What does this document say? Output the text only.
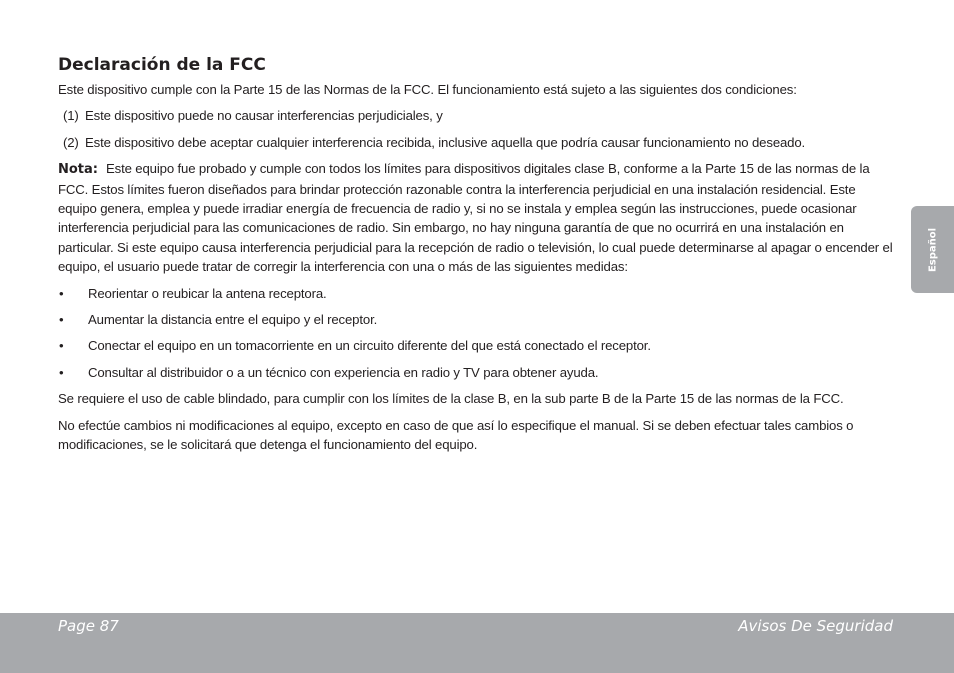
Declaración de la FCC

Este dispositivo cumple con la Parte 15 de las Normas de la FCC. El funcionamiento está sujeto a las siguientes dos condiciones:

(1) Este dispositivo puede no causar interferencias perjudiciales, y
(2) Este dispositivo debe aceptar cualquier interferencia recibida, inclusive aquella que podría causar funcionamiento no deseado.

Nota: Este equipo fue probado y cumple con todos los límites para dispositivos digitales clase B, conforme a la Parte 15 de las normas de la FCC. Estos límites fueron diseñados para brindar protección razonable contra la interferencia perjudicial en una instalación residencial. Este equipo genera, emplea y puede irradiar energía de frecuencia de radio y, si no se instala y emplea según las instrucciones, puede ocasionar interferencia perjudicial para las comunicaciones de radio. Sin embargo, no hay ninguna garantía de que no ocurrirá en una instalación en particular. Si este equipo causa interferencia perjudicial para la recepción de radio o televisión, lo cual puede determinarse al apagar o encender el equipo, el usuario puede tratar de corregir la interferencia con una o más de las siguientes medidas:

•	Reorientar o reubicar la antena receptora.
•	Aumentar la distancia entre el equipo y el receptor.
•	Conectar el equipo en un tomacorriente en un circuito diferente del que está conectado el receptor.
•	Consultar al distribuidor o a un técnico con experiencia en radio y TV para obtener ayuda.

Se requiere el uso de cable blindado, para cumplir con los límites de la clase B, en la sub parte B de la Parte 15 de las normas de la FCC.

No efectúe cambios ni modificaciones al equipo, excepto en caso de que así lo especifique el manual. Si se deben efectuar tales cambios o modificaciones, se le solicitará que detenga el funcionamiento del equipo.

Español
Page 87	Avisos De Seguridad
